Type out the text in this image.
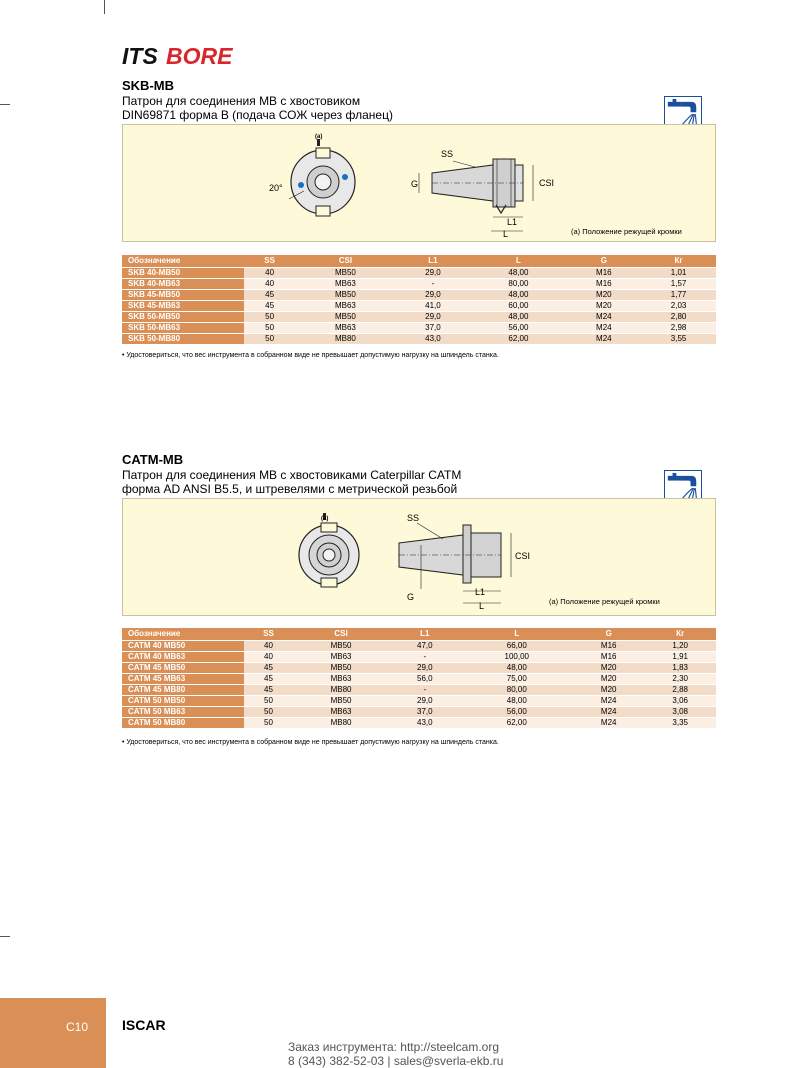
ITS BORE
SKB-MB
Патрон для соединения МВ с хвостовиком
DIN69871 форма B (подача СОЖ через фланец)
20°
(а)
SS
G	CSI
L1
L	(а) Положение режущей кромки
Обозначение	SS	CSI	L1	L	G	Кг
SKB 40-MB50	40	MB50	29,0	48,00	M16	1,01
SKB 40-MB63	40	MB63	-	80,00	M16	1,57
SKB 45-MB50	45	MB50	29,0	48,00	M20	1,77
SKB 45-MB63	45	MB63	41,0	60,00	M20	2,03
SKB 50-MB50	50	MB50	29,0	48,00	M24	2,80
SKB 50-MB63	50	MB63	37,0	56,00	M24	2,98
SKB 50-MB80	50	MB80	43,0	62,00	M24	3,55
• Удостовериться, что вес инструмента в собранном виде не превышает допустимую нагрузку на шпиндель станка.
CATM-MB
Патрон для соединения МВ с хвостовиками Caterpillar CATM
форма AD ANSI B5.5, и штревелями с метрической резьбой
(а)	SS
G
CSI
L1
L	(а) Положение режущей кромки
Обозначение	SS	CSI	L1	L	G	Кг
CATM 40 MB50	40	MB50	47,0	66,00	M16	1,20
CATM 40 MB63	40	MB63	-	100,00	M16	1,91
CATM 45 MB50	45	MB50	29,0	48,00	M20	1,83
CATM 45 MB63	45	MB63	56,0	75,00	M20	2,30
CATM 45 MB80	45	MB80	-	80,00	M20	2,88
CATM 50 MB50	50	MB50	29,0	48,00	M24	3,06
CATM 50 MB63	50	MB63	37,0	56,00	M24	3,08
CATM 50 MB80	50	MB80	43,0	62,00	M24	3,35
• Удостовериться, что вес инструмента в собранном виде не превышает допустимую нагрузку на шпиндель станка.
C10 ISCAR
Заказ инструмента: http://steelcam.org
8 (343) 382-52-03 | sales@sverla-ekb.ru
